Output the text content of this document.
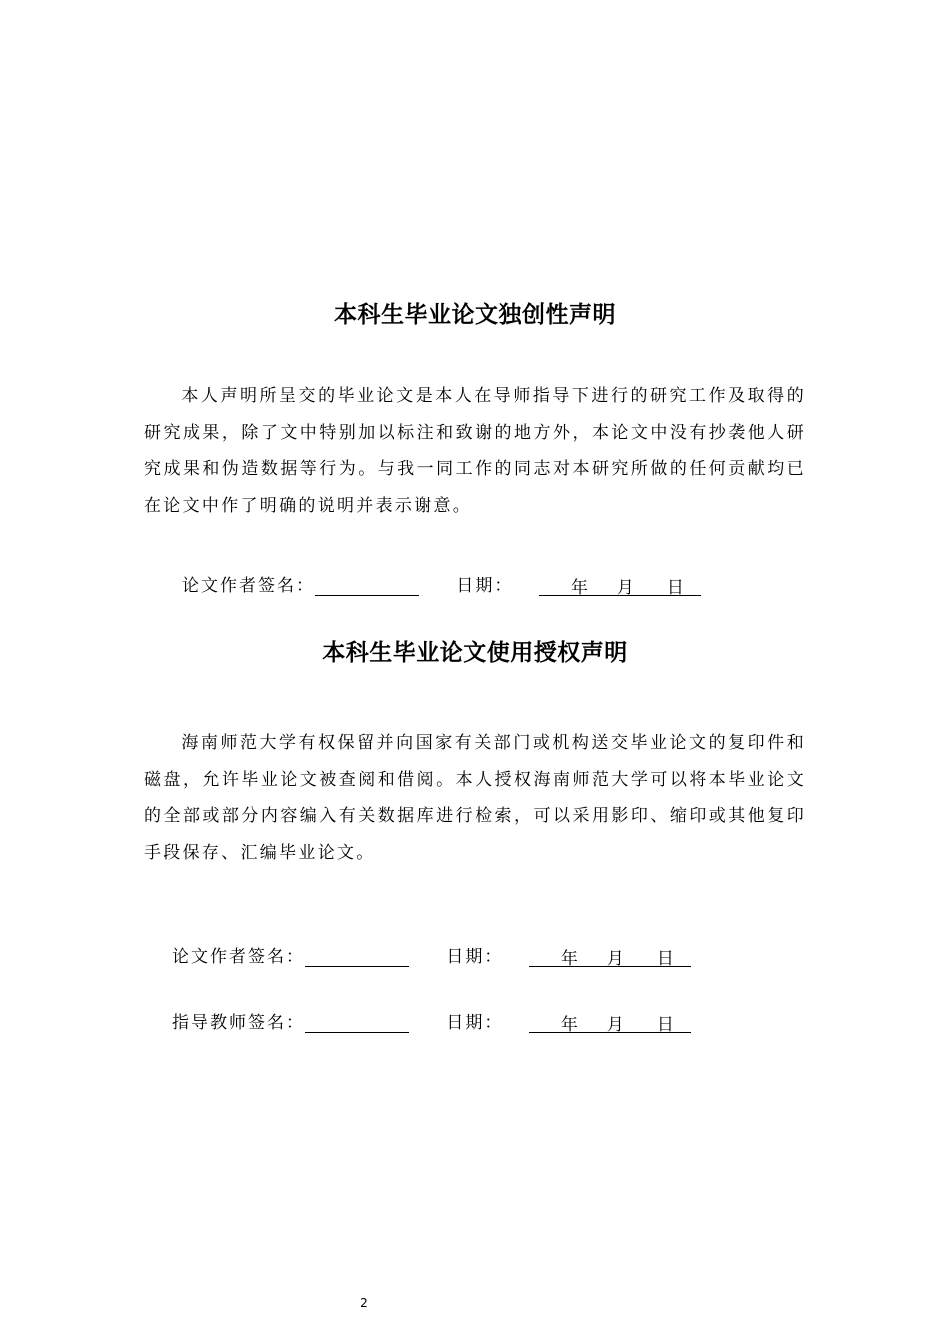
本科生毕业论文独创性声明

本人声明所呈交的毕业论文是本人在导师指导下进行的研究工作及取得的研究成果，除了文中特别加以标注和致谢的地方外，本论文中没有抄袭他人研究成果和伪造数据等行为。与我一同工作的同志对本研究所做的任何贡献均已在论文中作了明确的说明并表示谢意。

论文作者签名：	日期：	年 月 日
本科生毕业论文使用授权声明

海南师范大学有权保留并向国家有关部门或机构送交毕业论文的复印件和磁盘，允许毕业论文被查阅和借阅。本人授权海南师范大学可以将本毕业论文的全部或部分内容编入有关数据库进行检索，可以采用影印、缩印或其他复印手段保存、汇编毕业论文。

论文作者签名：	日期：	年 月 日
指导教师签名：	日期：	年 月 日
2
